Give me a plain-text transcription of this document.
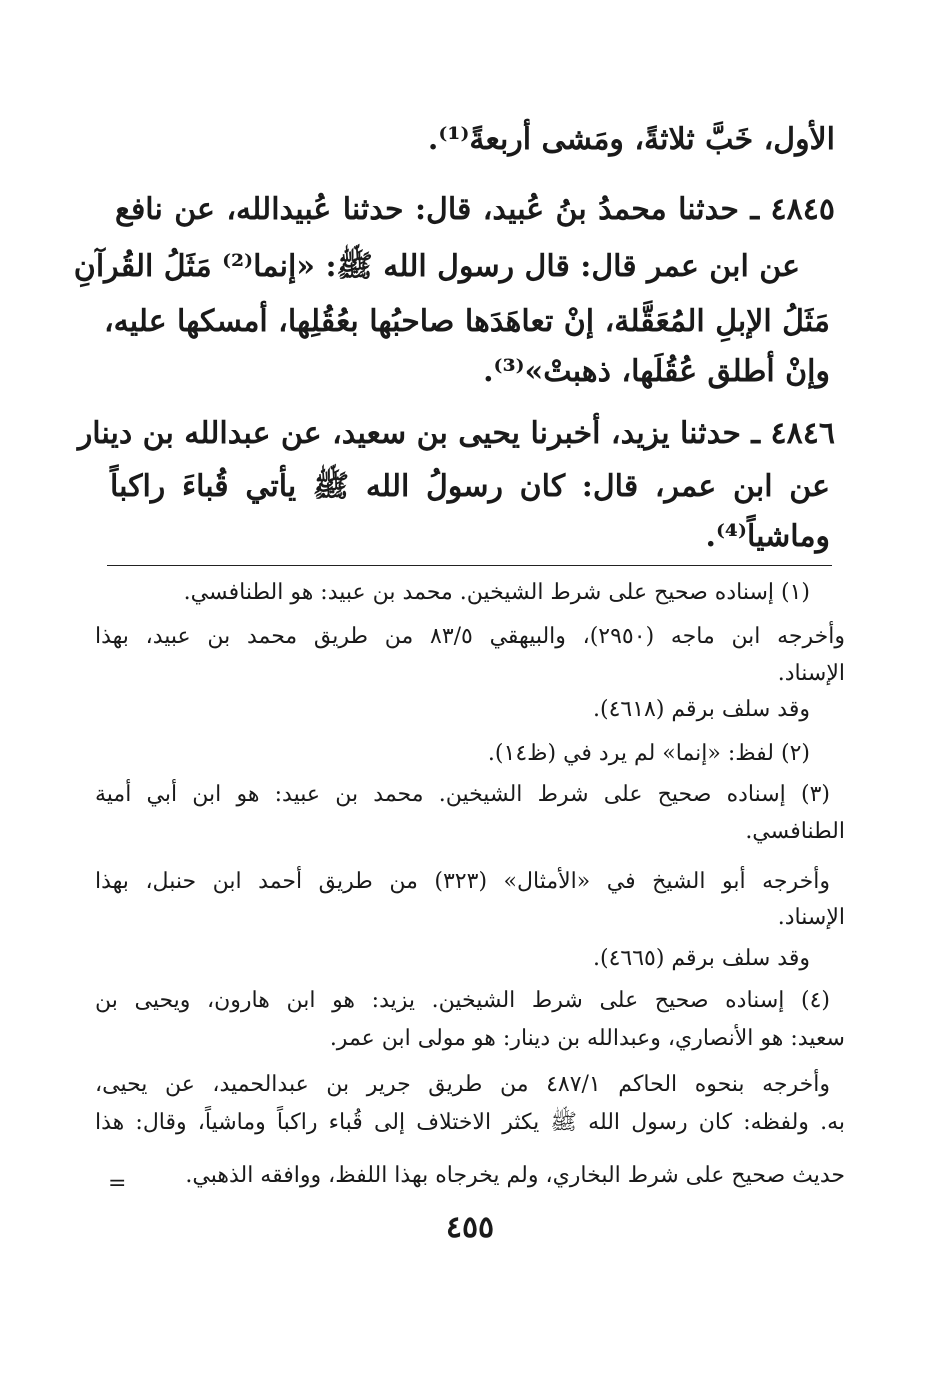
الأول، خَبَّ ثلاثةً، ومَشى أربعةً⁽¹⁾.
٤٨٤٥ ـ حدثنا محمدُ بنُ عُبيد، قال: حدثنا عُبيدالله، عن نافع
عن ابن عمر قال: قال رسول الله ﷺ: «إنما⁽²⁾ مَثَلُ القُرآنِ
مَثَلُ الإبلِ المُعَقَّلة، إنْ تعاهَدَها صاحبُها بعُقُلِها، أمسكها عليه،
وإنْ أطلق عُقُلَها، ذهبتْ»⁽³⁾.
٤٨٤٦ ـ حدثنا يزيد، أخبرنا يحيى بن سعيد، عن عبدالله بن دينار
عن ابن عمر، قال: كان رسولُ الله ﷺ يأتي قُباءَ راكباً
وماشياً⁽⁴⁾.
(١) إسناده صحيح على شرط الشيخين. محمد بن عبيد: هو الطنافسي.
وأخرجه ابن ماجه (٢٩٥٠)، والبيهقي ٨٣/٥ من طريق محمد بن عبيد، بهذا
الإسناد.
وقد سلف برقم (٤٦١٨).
(٢) لفظ: «إنما» لم يرد في (ظ١٤).
(٣) إسناده صحيح على شرط الشيخين. محمد بن عبيد: هو ابن أبي أمية
الطنافسي.
وأخرجه أبو الشيخ في «الأمثال» (٣٢٣) من طريق أحمد ابن حنبل، بهذا
الإسناد.
وقد سلف برقم (٤٦٦٥).
(٤) إسناده صحيح على شرط الشيخين. يزيد: هو ابن هارون، ويحيى بن
سعيد: هو الأنصاري، وعبدالله بن دينار: هو مولى ابن عمر.
وأخرجه بنحوه الحاكم ٤٨٧/١ من طريق جرير بن عبدالحميد، عن يحيى،
به. ولفظه: كان رسول الله ﷺ يكثر الاختلاف إلى قُباء راكباً وماشياً، وقال: هذا
حديث صحيح على شرط البخاري، ولم يخرجاه بهذا اللفظ، ووافقه الذهبي.
=
٤٥٥
